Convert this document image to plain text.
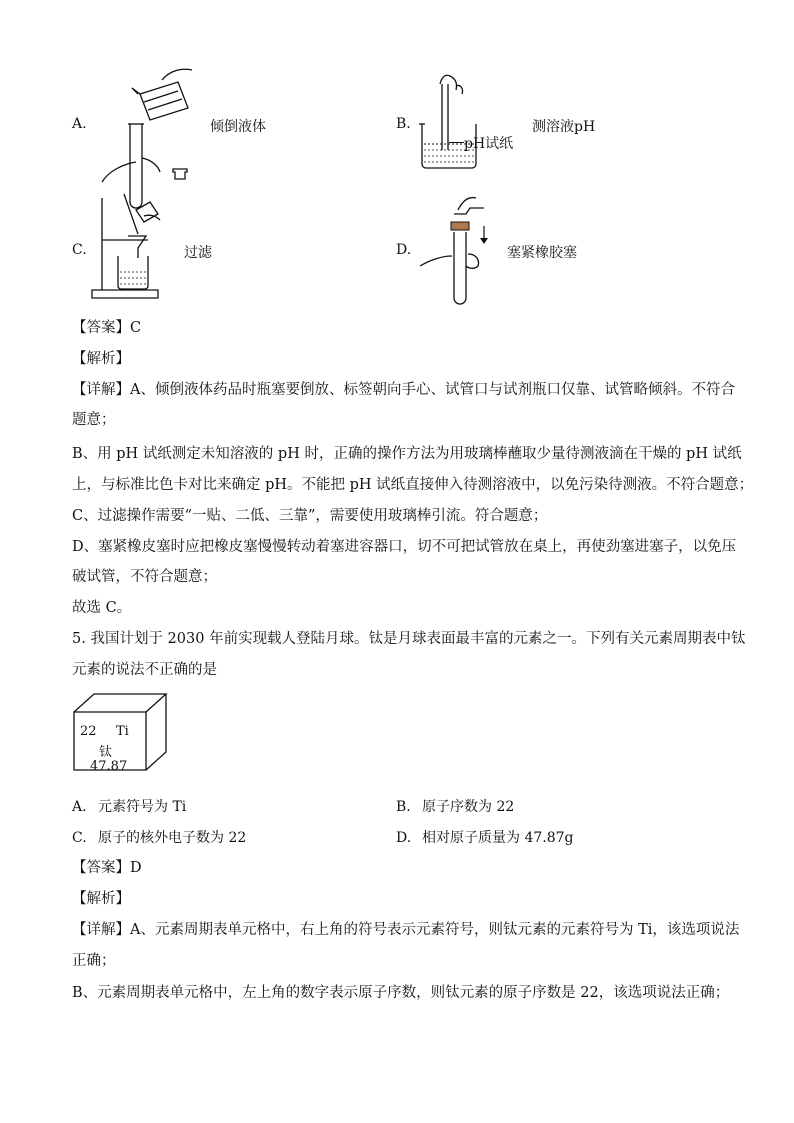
A.	倾倒液体	B.
pH试纸
测溶液pH
C.	过滤	D.	塞紧橡胶塞
【答案】C
【解析】
【详解】A、倾倒液体药品时瓶塞要倒放、标签朝向手心、试管口与试剂瓶口仅靠、试管略倾斜。不符合
题意；
B、用 pH 试纸测定未知溶液的 pH 时，正确的操作方法为用玻璃棒蘸取少量待测液滴在干燥的 pH 试纸
上，与标准比色卡对比来确定 pH。不能把 pH 试纸直接伸入待测溶液中，以免污染待测液。不符合题意；
C、过滤操作需要“一贴、二低、三靠”，需要使用玻璃棒引流。符合题意；
D、塞紧橡皮塞时应把橡皮塞慢慢转动着塞进容器口，切不可把试管放在桌上，再使劲塞进塞子，以免压
破试管，不符合题意；
故选 C。
5. 我国计划于 2030 年前实现载人登陆月球。钛是月球表面最丰富的元素之一。下列有关元素周期表中钛
元素的说法不正确的是
22 Ti
钛
47.87
A. 元素符号为 Ti	B. 原子序数为 22
C. 原子的核外电子数为 22	D. 相对原子质量为 47.87g
【答案】D
【解析】
【详解】A、元素周期表单元格中，右上角的符号表示元素符号，则钛元素的元素符号为 Ti，该选项说法
正确；
B、元素周期表单元格中，左上角的数字表示原子序数，则钛元素的原子序数是 22，该选项说法正确；
